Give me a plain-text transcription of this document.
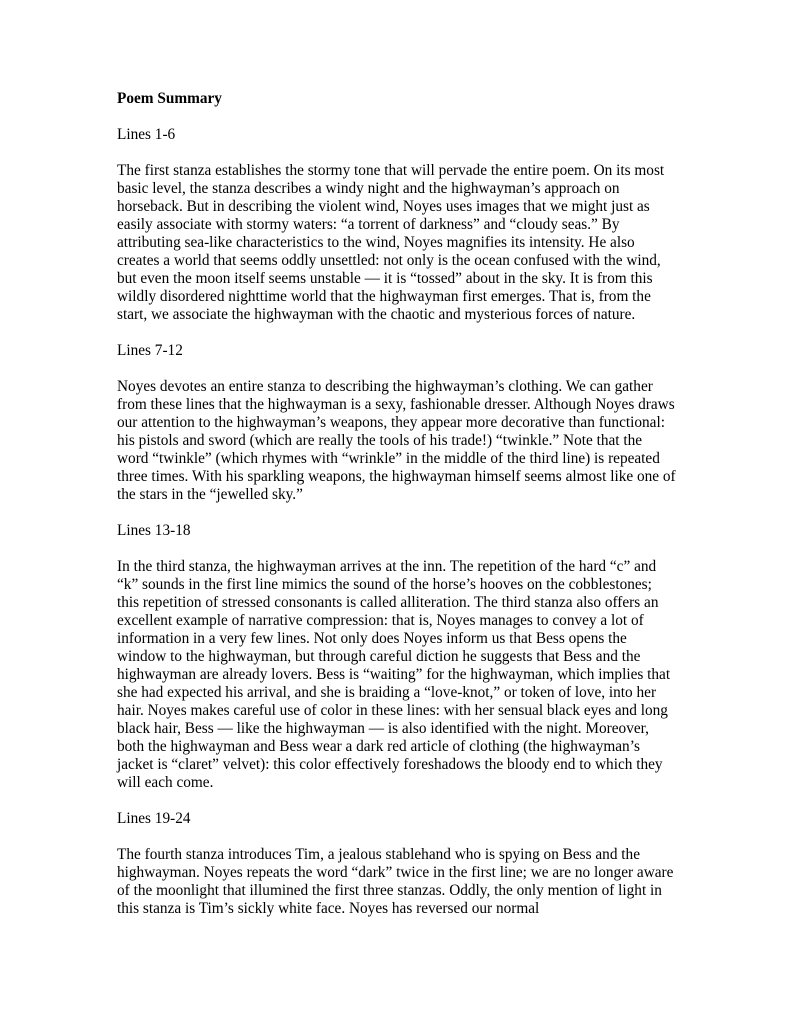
Poem Summary

Lines 1-6

The first stanza establishes the stormy tone that will pervade the entire poem. On its most basic level, the stanza describes a windy night and the highwayman’s approach on horseback. But in describing the violent wind, Noyes uses images that we might just as easily associate with stormy waters: “a torrent of darkness” and “cloudy seas.” By attributing sea-like characteristics to the wind, Noyes magnifies its intensity. He also creates a world that seems oddly unsettled: not only is the ocean confused with the wind, but even the moon itself seems unstable — it is “tossed” about in the sky. It is from this wildly disordered nighttime world that the highwayman first emerges. That is, from the start, we associate the highwayman with the chaotic and mysterious forces of nature.

Lines 7-12

Noyes devotes an entire stanza to describing the highwayman’s clothing. We can gather from these lines that the highwayman is a sexy, fashionable dresser. Although Noyes draws our attention to the highwayman’s weapons, they appear more decorative than functional: his pistols and sword (which are really the tools of his trade!) “twinkle.” Note that the word “twinkle” (which rhymes with “wrinkle” in the middle of the third line) is repeated three times. With his sparkling weapons, the highwayman himself seems almost like one of the stars in the “jewelled sky.”

Lines 13-18

In the third stanza, the highwayman arrives at the inn. The repetition of the hard “c” and “k” sounds in the first line mimics the sound of the horse’s hooves on the cobblestones; this repetition of stressed consonants is called alliteration. The third stanza also offers an excellent example of narrative compression: that is, Noyes manages to convey a lot of information in a very few lines. Not only does Noyes inform us that Bess opens the window to the highwayman, but through careful diction he suggests that Bess and the highwayman are already lovers. Bess is “waiting” for the highwayman, which implies that she had expected his arrival, and she is braiding a “love-knot,” or token of love, into her hair. Noyes makes careful use of color in these lines: with her sensual black eyes and long black hair, Bess — like the highwayman — is also identified with the night. Moreover, both the highwayman and Bess wear a dark red article of clothing (the highwayman’s jacket is “claret” velvet): this color effectively foreshadows the bloody end to which they will each come.

Lines 19-24

The fourth stanza introduces Tim, a jealous stablehand who is spying on Bess and the highwayman. Noyes repeats the word “dark” twice in the first line; we are no longer aware of the moonlight that illumined the first three stanzas. Oddly, the only mention of light in this stanza is Tim’s sickly white face. Noyes has reversed our normal
